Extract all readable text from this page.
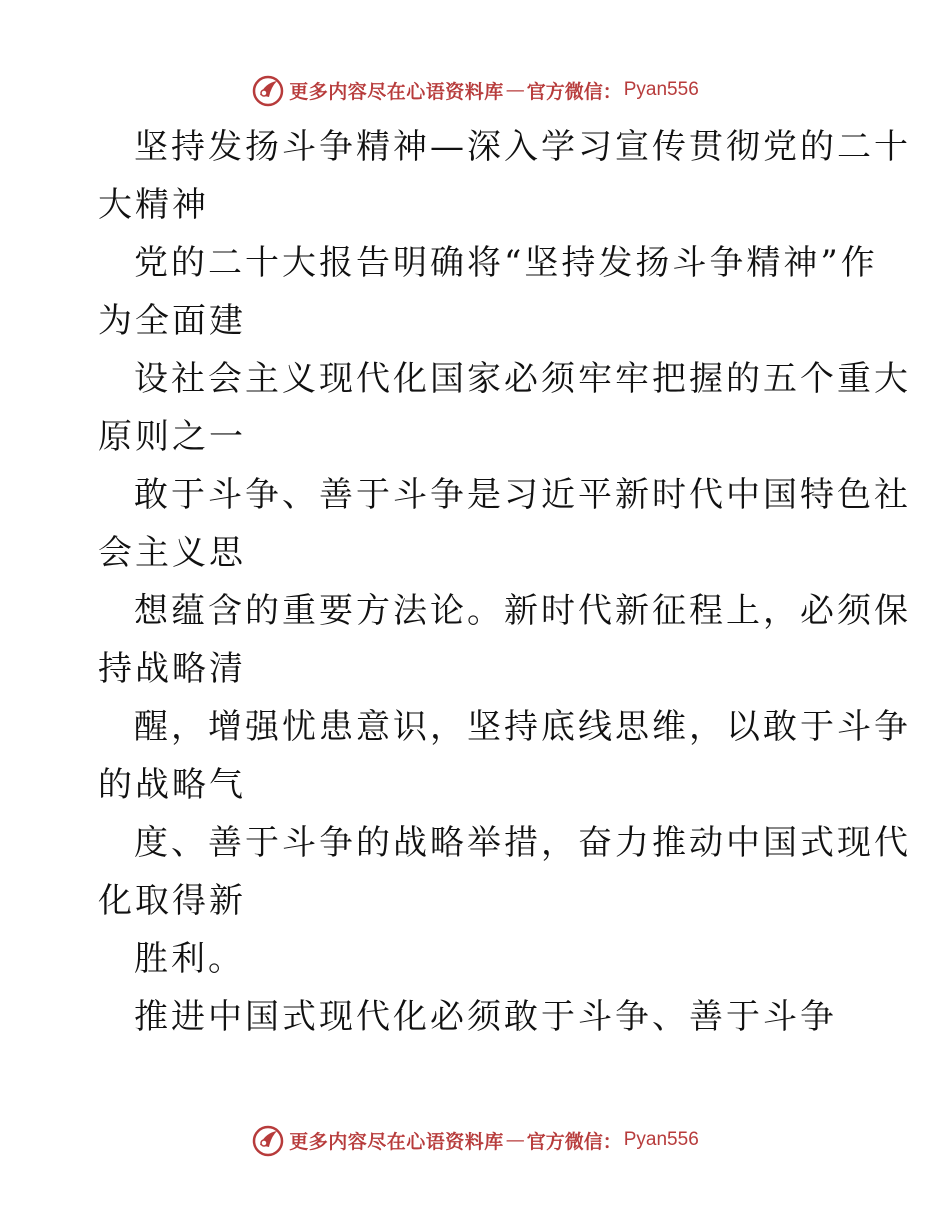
更多内容尽在心语资料库 — 官方微信： Pyan556
坚持发扬斗争精神—深入学习宣传贯彻党的二十
大精神
党的二十大报告明确将“坚持发扬斗争精神”作
为全面建
设社会主义现代化国家必须牢牢把握的五个重大
原则之一
敢于斗争、善于斗争是习近平新时代中国特色社
会主义思
想蕴含的重要方法论。新时代新征程上，必须保
持战略清
醒，增强忧患意识，坚持底线思维，以敢于斗争
的战略气
度、善于斗争的战略举措，奋力推动中国式现代
化取得新
胜利。
推进中国式现代化必须敢于斗争、善于斗争
更多内容尽在心语资料库 — 官方微信： Pyan556
